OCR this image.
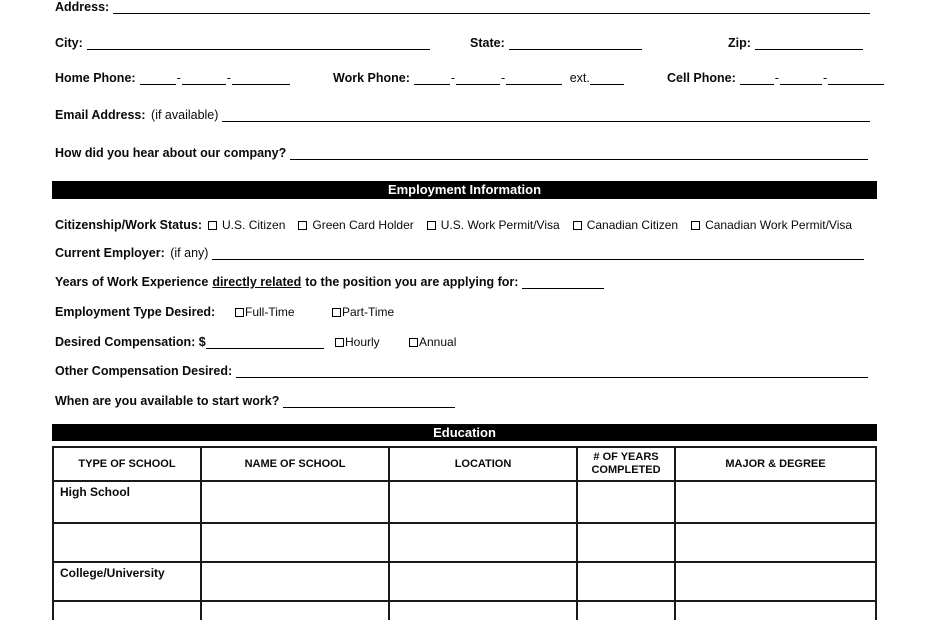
Address:
City:	State:	Zip:
Home Phone:	-	-	Work Phone:	-	-	ext.	Cell Phone:	-	-
Email Address: (if available)
How did you hear about our company?
Employment Information
Citizenship/Work Status: U.S. Citizen Green Card Holder U.S. Work Permit/Visa Canadian Citizen Canadian Work Permit/Visa
Current Employer: (if any)
Years of Work Experience directly related to the position you are applying for:
Employment Type Desired:	Full-Time	Part-Time
Desired Compensation: $	Hourly	Annual
Other Compensation Desired:
When are you available to start work?
Education
TYPE OF SCHOOL	NAME OF SCHOOL	LOCATION	# OF YEARS COMPLETED	MAJOR & DEGREE
High School				

College/University				
